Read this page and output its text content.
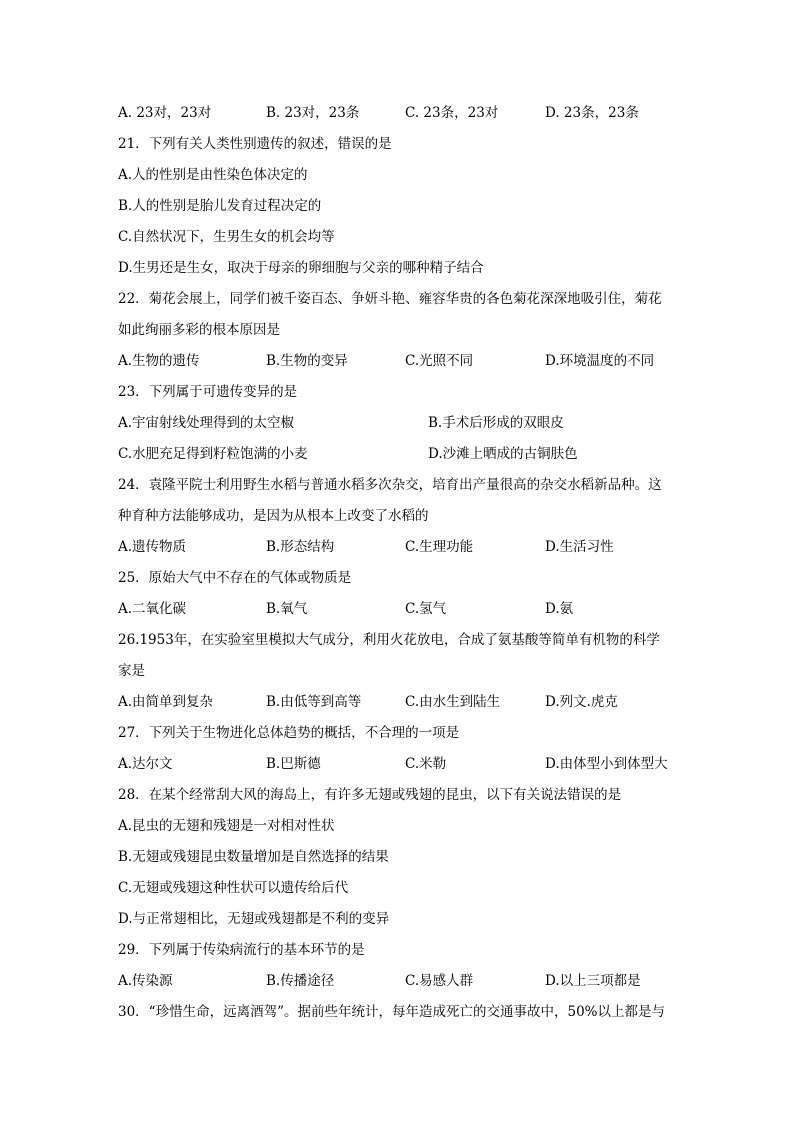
A. 23对，23对	B. 23对，23条	C. 23条，23对	D. 23条，23条
21．下列有关人类性别遗传的叙述，错误的是
A.人的性别是由性染色体决定的
B.人的性别是胎儿发育过程决定的
C.自然状况下，生男生女的机会均等
D.生男还是生女，取决于母亲的卵细胞与父亲的哪种精子结合
22．菊花会展上，同学们被千姿百态、争妍斗艳、雍容华贵的各色菊花深深地吸引住，菊花
如此绚丽多彩的根本原因是
A.生物的遗传	B.生物的变异	C.光照不同	D.环境温度的不同
23．下列属于可遗传变异的是
A.宇宙射线处理得到的太空椒	B.手术后形成的双眼皮
C.水肥充足得到籽粒饱满的小麦	D.沙滩上晒成的古铜肤色
24．袁隆平院士利用野生水稻与普通水稻多次杂交，培育出产量很高的杂交水稻新品种。这
种育种方法能够成功，是因为从根本上改变了水稻的
A.遗传物质	B.形态结构	C.生理功能	D.生活习性
25．原始大气中不存在的气体或物质是
A.二氧化碳	B.氧气	C.氢气	D.氨
26.1953年，在实验室里模拟大气成分，利用火花放电，合成了氨基酸等简单有机物的科学
家是
A.由简单到复杂	B.由低等到高等	C.由水生到陆生	D.列文.虎克
27．下列关于生物进化总体趋势的概括，不合理的一项是
A.达尔文	B.巴斯德	C.米勒	D.由体型小到体型大
28．在某个经常刮大风的海岛上，有许多无翅或残翅的昆虫，以下有关说法错误的是
A.昆虫的无翅和残翅是一对相对性状
B.无翅或残翅昆虫数量增加是自然选择的结果
C.无翅或残翅这种性状可以遗传给后代
D.与正常翅相比，无翅或残翅都是不利的变异
29．下列属于传染病流行的基本环节的是
A.传染源	B.传播途径	C.易感人群	D.以上三项都是
30．“珍惜生命，远离酒驾”。据前些年统计，每年造成死亡的交通事故中，50%以上都是与
